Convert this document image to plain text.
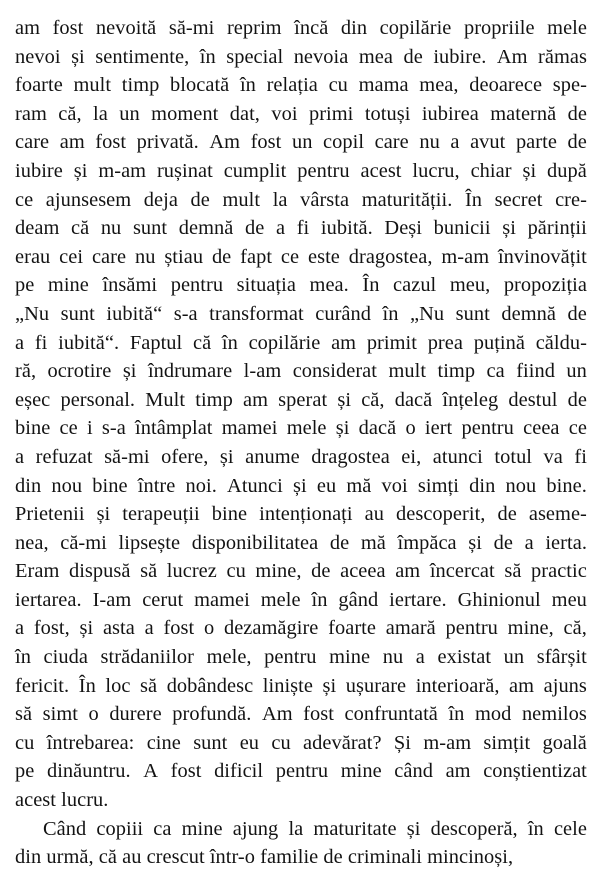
am fost nevoită să-mi reprim încă din copilărie propriile mele
nevoi și sentimente, în special nevoia mea de iubire. Am rămas
foarte mult timp blocată în relația cu mama mea, deoarece spe-
ram că, la un moment dat, voi primi totuși iubirea maternă de
care am fost privată. Am fost un copil care nu a avut parte de
iubire și m-am rușinat cumplit pentru acest lucru, chiar și după
ce ajunsesem deja de mult la vârsta maturității. În secret cre-
deam că nu sunt demnă de a fi iubită. Deși bunicii și părinții
erau cei care nu știau de fapt ce este dragostea, m-am învinovățit
pe mine însămi pentru situația mea. În cazul meu, propoziția
„Nu sunt iubită“ s-a transformat curând în „Nu sunt demnă de
a fi iubită“. Faptul că în copilărie am primit prea puțină căldu-
ră, ocrotire și îndrumare l-am considerat mult timp ca fiind un
eșec personal. Mult timp am sperat și că, dacă înțeleg destul de
bine ce i s-a întâmplat mamei mele și dacă o iert pentru ceea ce
a refuzat să-mi ofere, și anume dragostea ei, atunci totul va fi
din nou bine între noi. Atunci și eu mă voi simți din nou bine.
Prietenii și terapeuții bine intenționați au descoperit, de aseme-
nea, că-mi lipsește disponibilitatea de mă împăca și de a ierta.
Eram dispusă să lucrez cu mine, de aceea am încercat să practic
iertarea. I-am cerut mamei mele în gând iertare. Ghinionul meu
a fost, și asta a fost o dezamăgire foarte amară pentru mine, că,
în ciuda strădaniilor mele, pentru mine nu a existat un sfârșit
fericit. În loc să dobândesc liniște și ușurare interioară, am ajuns
să simt o durere profundă. Am fost confruntată în mod nemilos
cu întrebarea: cine sunt eu cu adevărat? Și m-am simțit goală
pe dinăuntru. A fost dificil pentru mine când am conștientizat
acest lucru.
Când copiii ca mine ajung la maturitate și descoperă, în cele
din urmă, că au crescut într-o familie de criminali mincinoși,
